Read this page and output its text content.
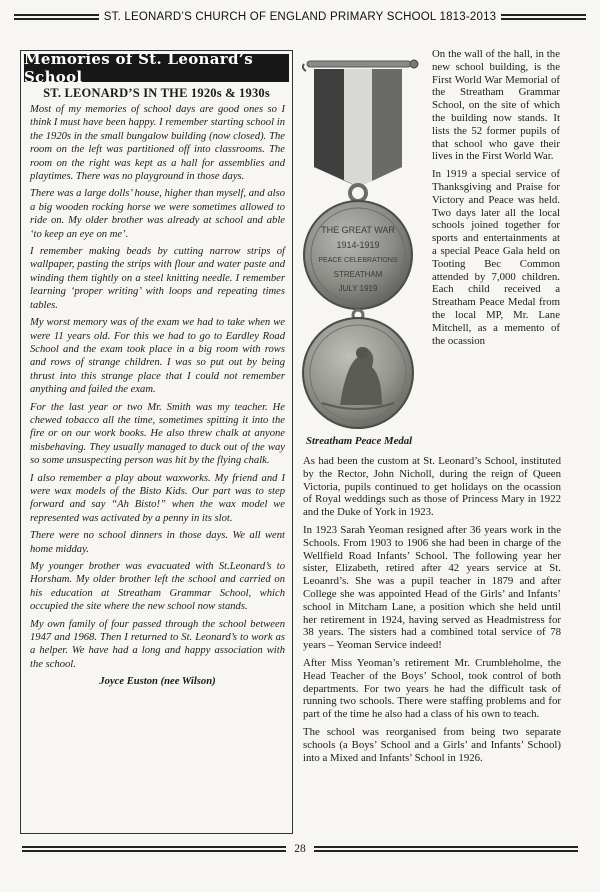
ST. LEONARD’S CHURCH OF ENGLAND PRIMARY SCHOOL 1813-2013
Memories of St. Leonard’s School
ST. LEONARD’S IN THE 1920s & 1930s

Most of my memories of school days are good ones so I think I must have been happy. I remember starting school in the 1920s in the small bungalow building (now closed). The room on the left was partitioned off into classrooms. The room on the right was kept as a hall for assemblies and playtimes. There was no playground in those days.

There was a large dolls’ house, higher than myself, and also a big wooden rocking horse we were sometimes allowed to ride on. My older brother was already at school and able ‘to keep an eye on me’.

I remember making beads by cutting narrow strips of wallpaper, pasting the strips with flour and water paste and winding them tightly on a steel knitting needle. I remember learning ‘proper writing’ with loops and repeating times tables.

My worst memory was of the exam we had to take when we were 11 years old. For this we had to go to Eardley Road School and the exam took place in a big room with rows and rows of strange children. I was so put out by being thrust into this strange place that I could not remember anything and failed the exam.

For the last year or two Mr. Smith was my teacher. He chewed tobacco all the time, sometimes spitting it into the fire or on our work books. He also threw chalk at anyone misbehaving. They usually managed to duck out of the way so some unsuspecting person was hit by the flying chalk.

I also remember a play about waxworks. My friend and I were wax models of the Bisto Kids. Our part was to step forward and say “Ah Bisto!” when the wax model we represented was activated by a penny in its slot.

There were no school dinners in those days. We all went home midday.

My younger brother was evacuated with St.Leonard’s to Horsham. My older brother left the school and carried on his education at Streatham Grammar School, which occupied the site where the new school now stands.

My own family of four passed through the school between 1947 and 1968. Then I returned to St. Leonard’s to work as a helper. We have had a long and happy association with the school.

Joyce Euston (nee Wilson)
THE GREAT WAR
1914-1919
PEACE CELEBRATIONS
STREATHAM
JULY 1919
Streatham Peace Medal

On the wall of the hall, in the new school building, is the First World War Memorial of the Streatham Grammar School, on the site of which the building now stands. It lists the 52 former pupils of that school who gave their lives in the First World War.

In 1919 a special service of Thanksgiving and Praise for Victory and Peace was held. Two days later all the local schools joined together for sports and entertainments at a special Peace Gala held on Tooting Bec Common attended by 7,000 children. Each child received a Streatham Peace Medal from the local MP, Mr. Lane Mitchell, as a memento of the ocassion

As had been the custom at St. Leonard’s School, instituted by the Rector, John Nicholl, during the reign of Queen Victoria, pupils continued to get holidays on the ocassion of Royal weddings such as those of Princess Mary in 1922 and the Duke of York in 1923.

In 1923 Sarah Yeoman resigned after 36 years work in the Schools. From 1903 to 1906 she had been in charge of the Wellfield Road Infants’ School. The following year her sister, Elizabeth, retired after 42 years service at St. Leoanrd’s. She was a pupil teacher in 1879 and after College she was appointed Head of the Girls’ and Infants’ school in Mitcham Lane, a position which she held until her retirement in 1924, having served as Headmistress for 38 years. The sisters had a combined total service of 78 years – Yeoman Service indeed!

After Miss Yeoman’s retirement Mr. Crumbleholme, the Head Teacher of the Boys’ School, took control of both departments. For two years he had the difficult task of running two schools. There were staffing problems and for part of the time he also had a class of his own to teach.

The school was reorganised from being two separate schools (a Boys’ School and a Girls’ and Infants’ School) into a Mixed and Infants’ School in 1926.

28
